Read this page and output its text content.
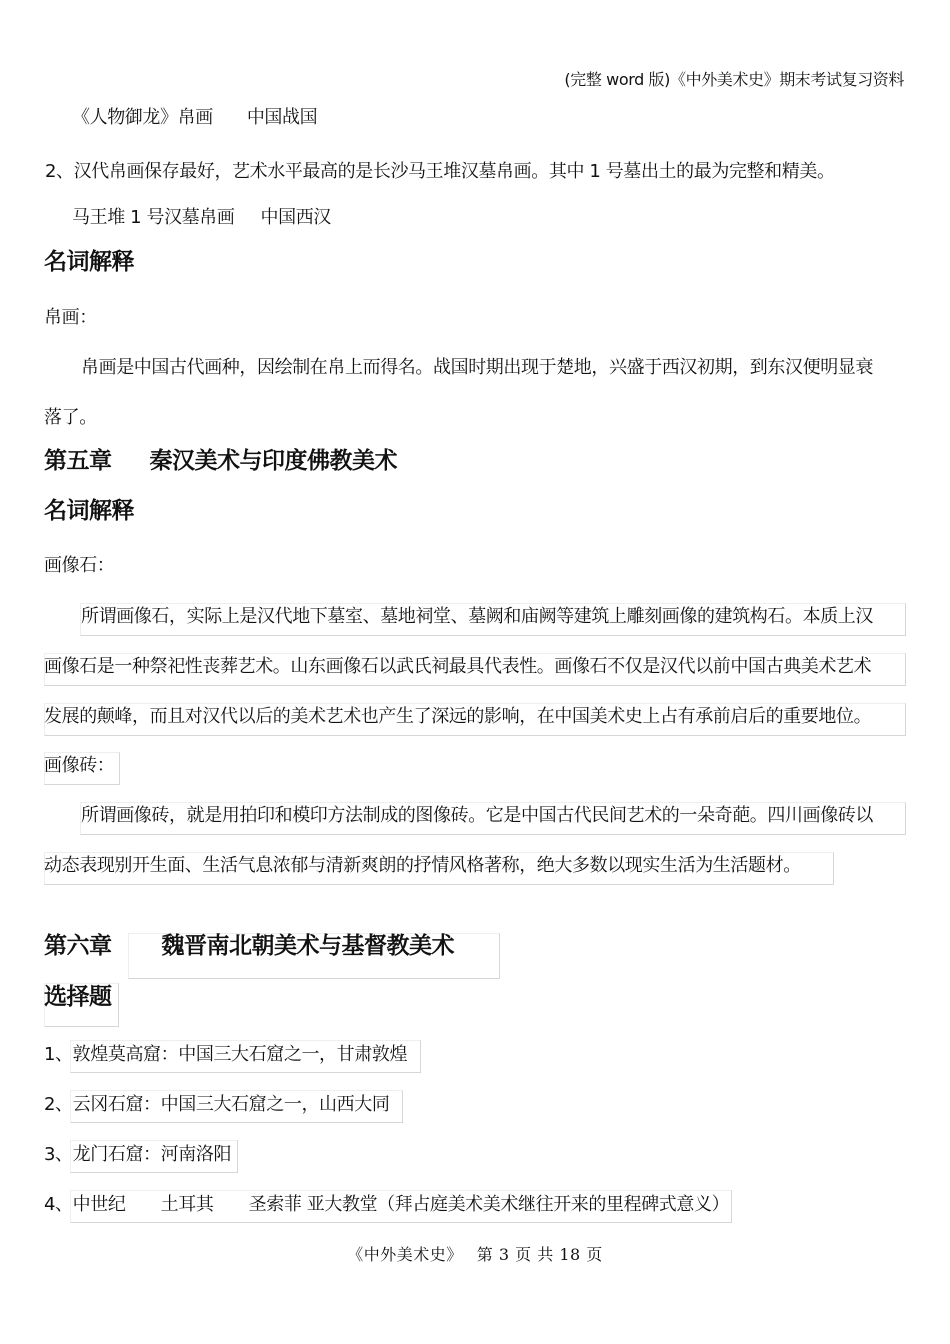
(完整 word 版)《中外美术史》期末考试复习资料
《人物御龙》帛画 中国战国
2、汉代帛画保存最好，艺术水平最高的是长沙马王堆汉墓帛画。其中 1 号墓出土的最为完整和精美。
马王堆 1 号汉墓帛画 中国西汉
名词解释
帛画：
帛画是中国古代画种，因绘制在帛上而得名。战国时期出现于楚地，兴盛于西汉初期，到东汉便明显衰
落了。
第五章 秦汉美术与印度佛教美术
名词解释
画像石：
所谓画像石，实际上是汉代地下墓室、墓地祠堂、墓阙和庙阙等建筑上雕刻画像的建筑构石。本质上汉
画像石是一种祭祀性丧葬艺术。山东画像石以武氏祠最具代表性。画像石不仅是汉代以前中国古典美术艺术
发展的颠峰，而且对汉代以后的美术艺术也产生了深远的影响，在中国美术史上占有承前启后的重要地位。
画像砖：
所谓画像砖，就是用拍印和模印方法制成的图像砖。它是中国古代民间艺术的一朵奇葩。四川画像砖以
动态表现别开生面、生活气息浓郁与清新爽朗的抒情风格著称，绝大多数以现实生活为生活题材。
第六章 魏晋南北朝美术与基督教美术
选择题
1、敦煌莫高窟：中国三大石窟之一，甘肃敦煌
2、云冈石窟：中国三大石窟之一，山西大同
3、龙门石窟：河南洛阳
4、中世纪　　土耳其　　圣索菲 亚大教堂（拜占庭美术美术继往开来的里程碑式意义）
《中外美术史》　 第 3 页 共 18 页
